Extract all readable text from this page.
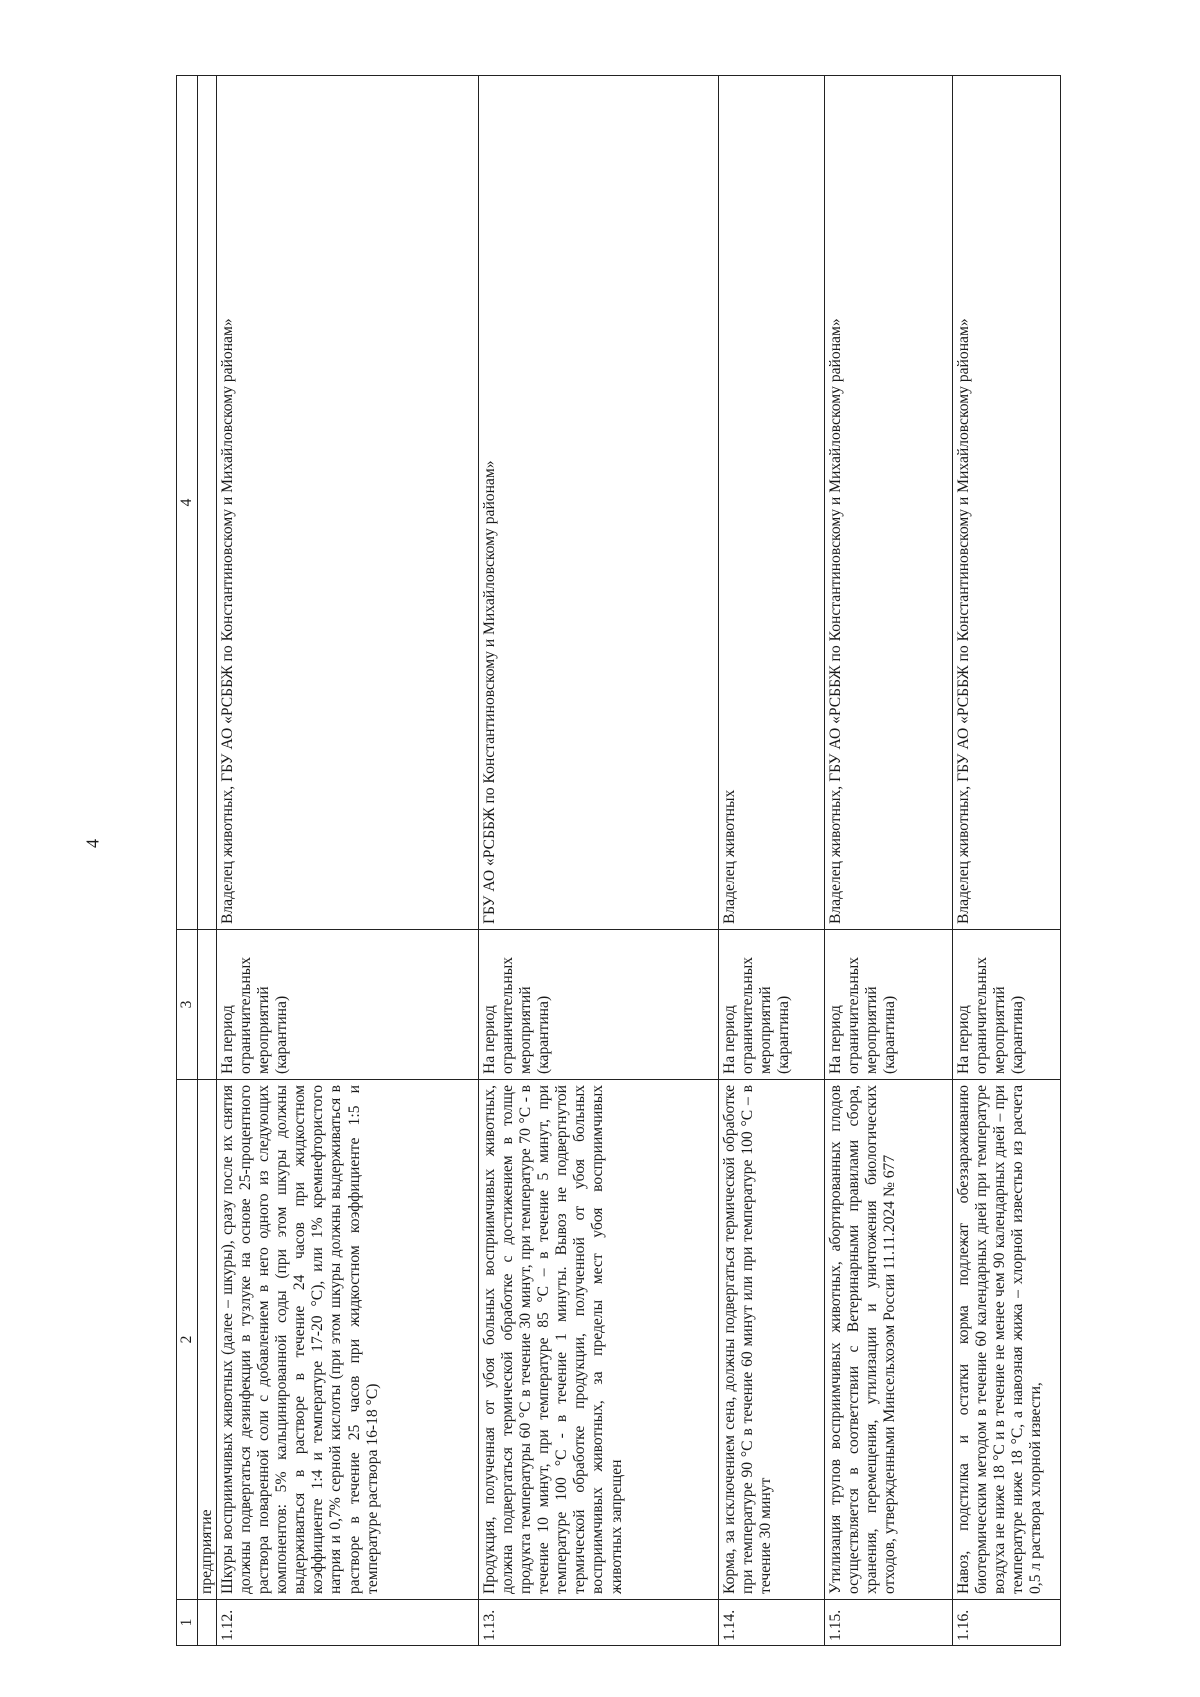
4
1	2	3	4
	предприятие		
1.12.	Шкуры восприимчивых животных (далее – шкуры), сразу после их снятия должны подвергаться дезинфекции в тузлуке на основе 25-процентного раствора поваренной соли с добавлением в него одного из следующих компонентов: 5% кальцинированной соды (при этом шкуры должны выдерживаться в растворе в течение 24 часов при жидкостном коэффициенте 1:4 и температуре 17-20 °С), или 1% кремнефтористого натрия и 0,7% серной кислоты (при этом шкуры должны выдерживаться в растворе в течение 25 часов при жидкостном коэффициенте 1:5 и температуре раствора 16-18 °С)	На период ограничительных мероприятий (карантина)	Владелец животных, ГБУ АО «РСББЖ по Константиновскому и Михайловскому районам»
1.13.	Продукция, полученная от убоя больных восприимчивых животных, должна подвергаться термической обработке с достижением в толще продукта температуры 60 °С в течение 30 минут, при температуре 70 °С - в течение 10 минут, при температуре 85 °С – в течение 5 минут, при температуре 100 °С - в течение 1 минуты. Вывоз не подвергнутой термической обработке продукции, полученной от убоя больных восприимчивых животных, за пределы мест убоя восприимчивых животных запрещен	На период ограничительных мероприятий (карантина)	ГБУ АО «РСББЖ по Константиновскому и Михайловскому районам»
1.14.	Корма, за исключением сена, должны подвергаться термической обработке при температуре 90 °С в течение 60 минут или при температуре 100 °С – в течение 30 минут	На период ограничительных мероприятий (карантина)	Владелец животных
1.15.	Утилизация трупов восприимчивых животных, абортированных плодов осуществляется в соответствии с Ветеринарными правилами сбора, хранения, перемещения, утилизации и уничтожения биологических отходов, утвержденными Минсельхозом России 11.11.2024 № 677	На период ограничительных мероприятий (карантина)	Владелец животных, ГБУ АО «РСББЖ по Константиновскому и Михайловскому районам»
1.16.	Навоз, подстилка и остатки корма подлежат обеззараживанию биотермическим методом в течение 60 календарных дней при температуре воздуха не ниже 18 °С и в течение не менее чем 90 календарных дней – при температуре ниже 18 °С, а навозная жижа – хлорной известью из расчета 0,5 л раствора хлорной извести,	На период ограничительных мероприятий (карантина)	Владелец животных, ГБУ АО «РСББЖ по Константиновскому и Михайловскому районам»
